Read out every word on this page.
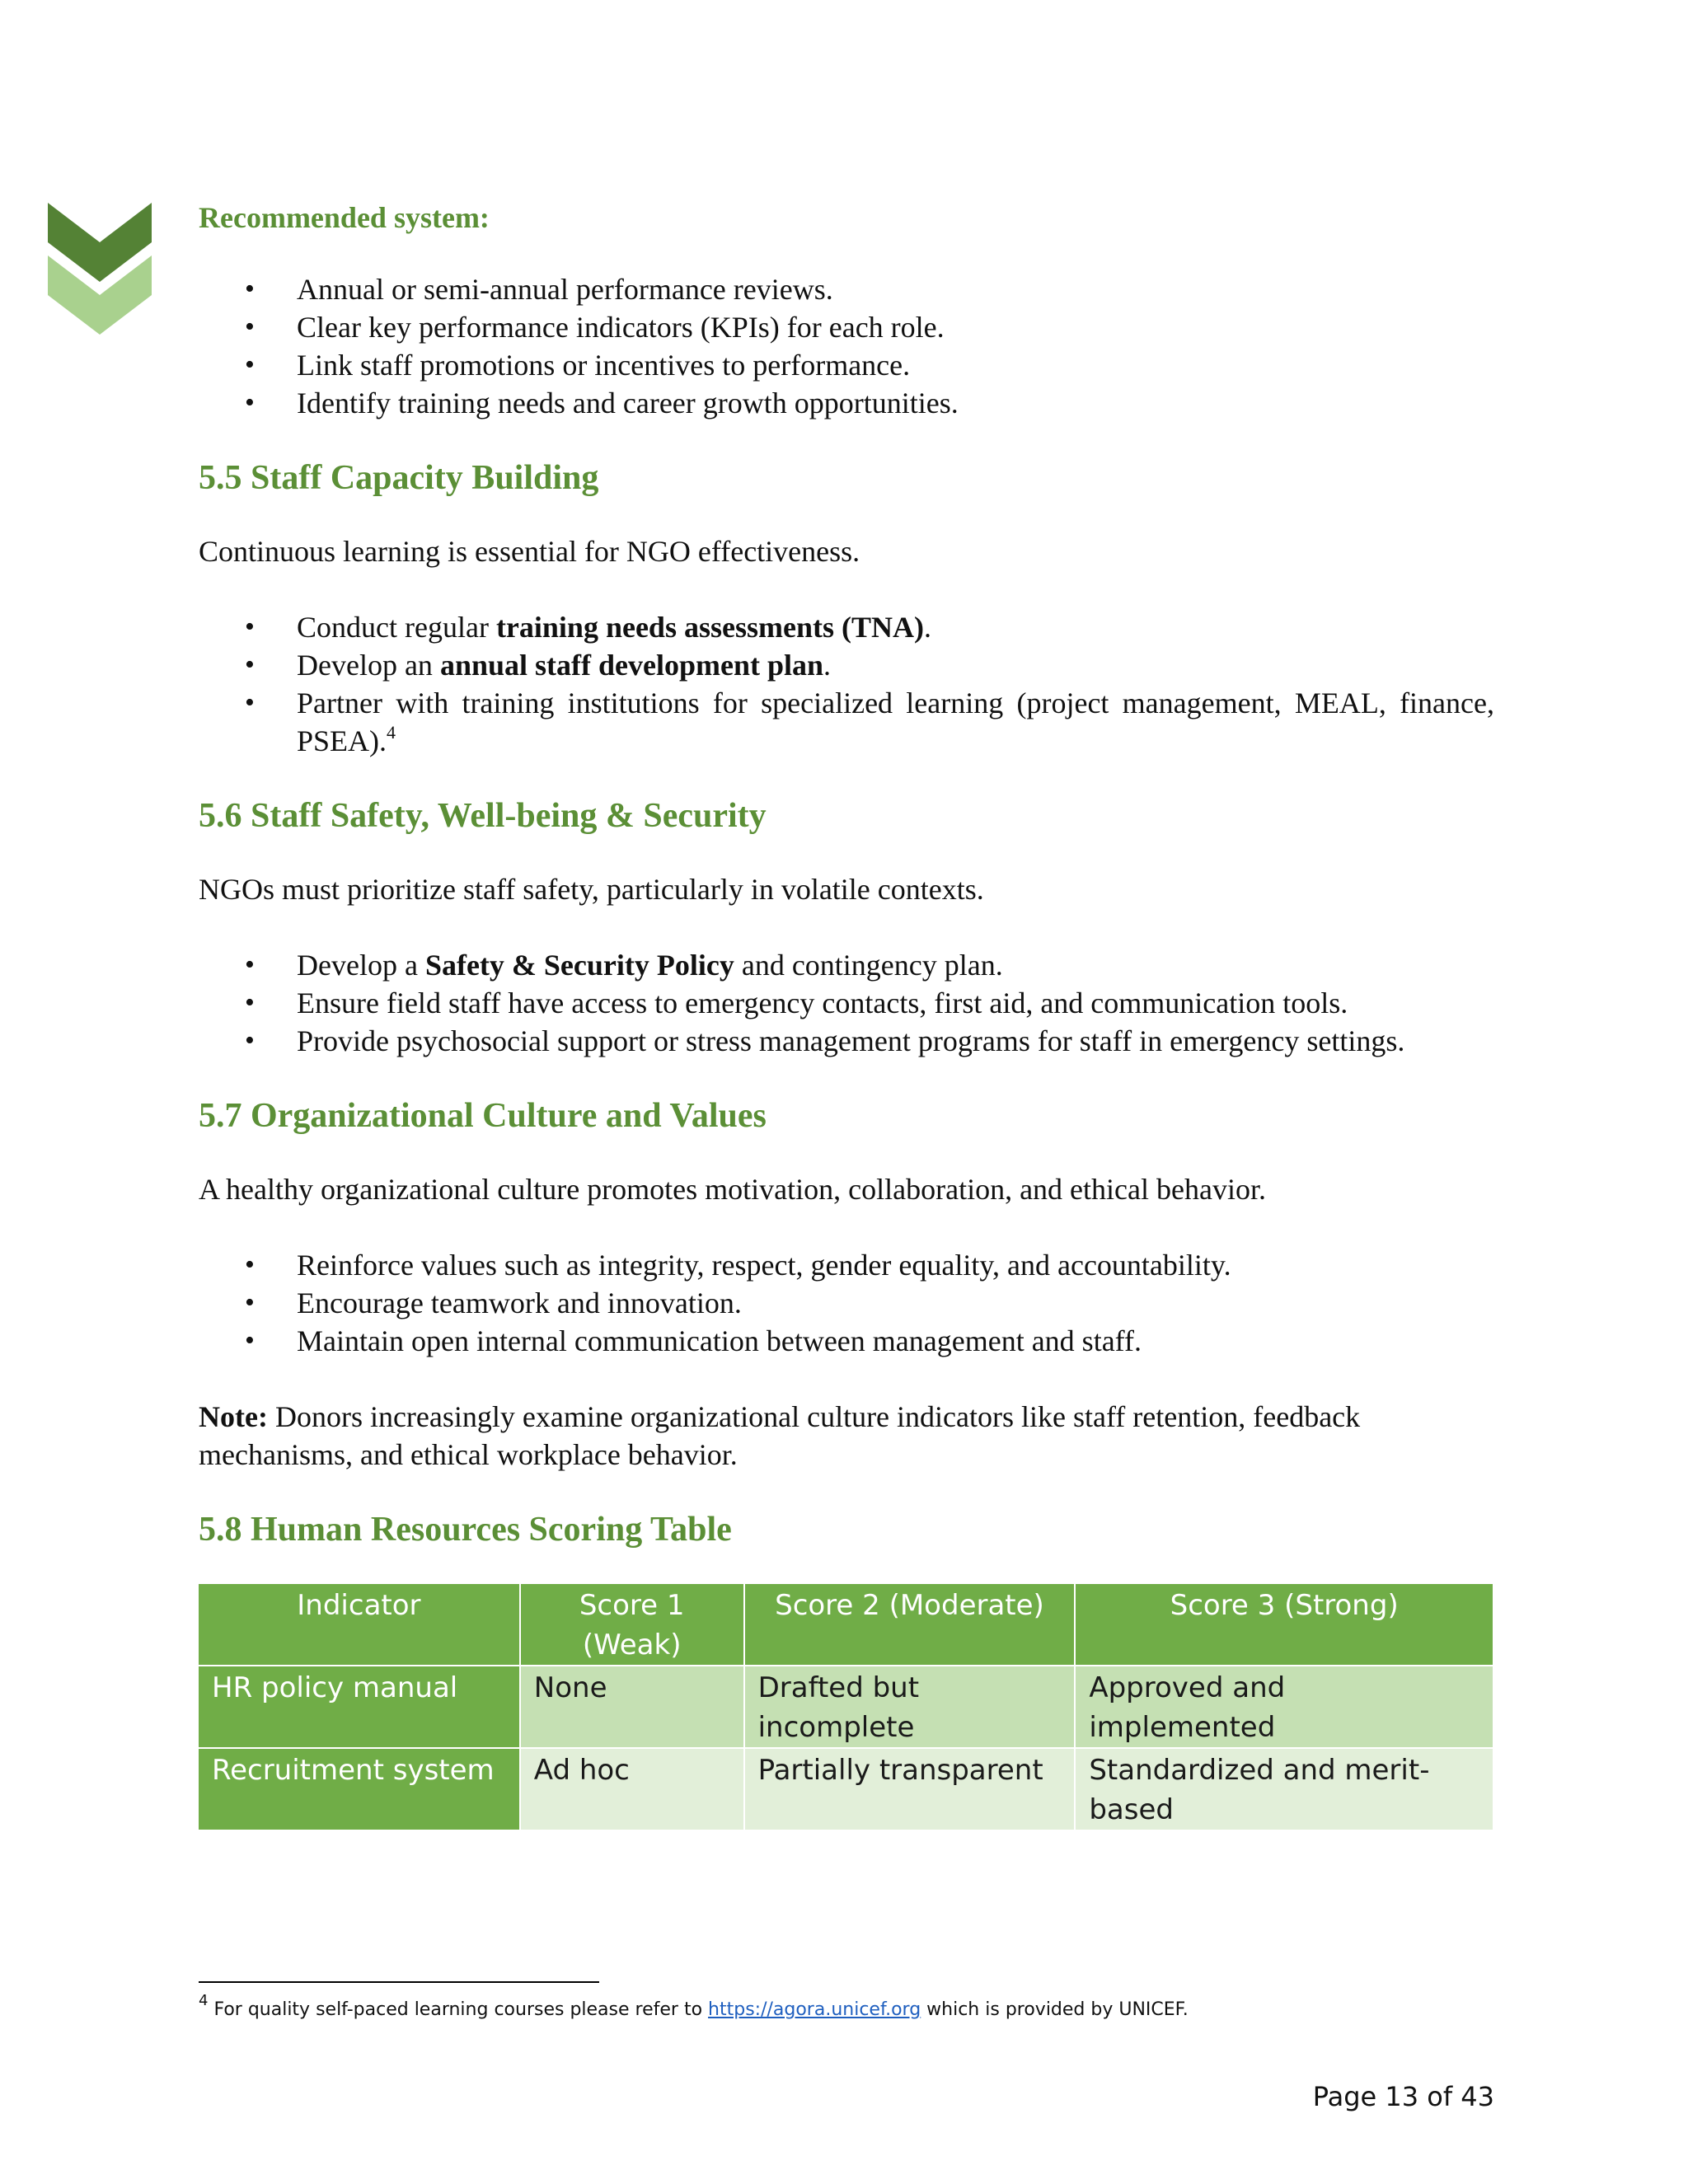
Recommended system:

• Annual or semi-annual performance reviews.
• Clear key performance indicators (KPIs) for each role.
• Link staff promotions or incentives to performance.
• Identify training needs and career growth opportunities.
5.5 Staff Capacity Building

Continuous learning is essential for NGO effectiveness.

• Conduct regular training needs assessments (TNA).
• Develop an annual staff development plan.
• Partner with training institutions for specialized learning (project management, MEAL, finance, PSEA).$^4$
5.6 Staff Safety, Well-being & Security

NGOs must prioritize staff safety, particularly in volatile contexts.

• Develop a Safety & Security Policy and contingency plan.
• Ensure field staff have access to emergency contacts, first aid, and communication tools.
• Provide psychosocial support or stress management programs for staff in emergency settings.
5.7 Organizational Culture and Values

A healthy organizational culture promotes motivation, collaboration, and ethical behavior.

• Reinforce values such as integrity, respect, gender equality, and accountability.
• Encourage teamwork and innovation.
• Maintain open internal communication between management and staff.

Note: Donors increasingly examine organizational culture indicators like staff retention, feedback mechanisms, and ethical workplace behavior.

5.8 Human Resources Scoring Table
Indicator	Score 1 (Weak)	Score 2 (Moderate)	Score 3 (Strong)
HR policy manual	None	Drafted but incomplete	Approved and implemented
Recruitment system	Ad hoc	Partially transparent	Standardized and merit-based
$^4$ For quality self-paced learning courses please refer to https://agora.unicef.org which is provided by UNICEF.
Page 13 of 43
